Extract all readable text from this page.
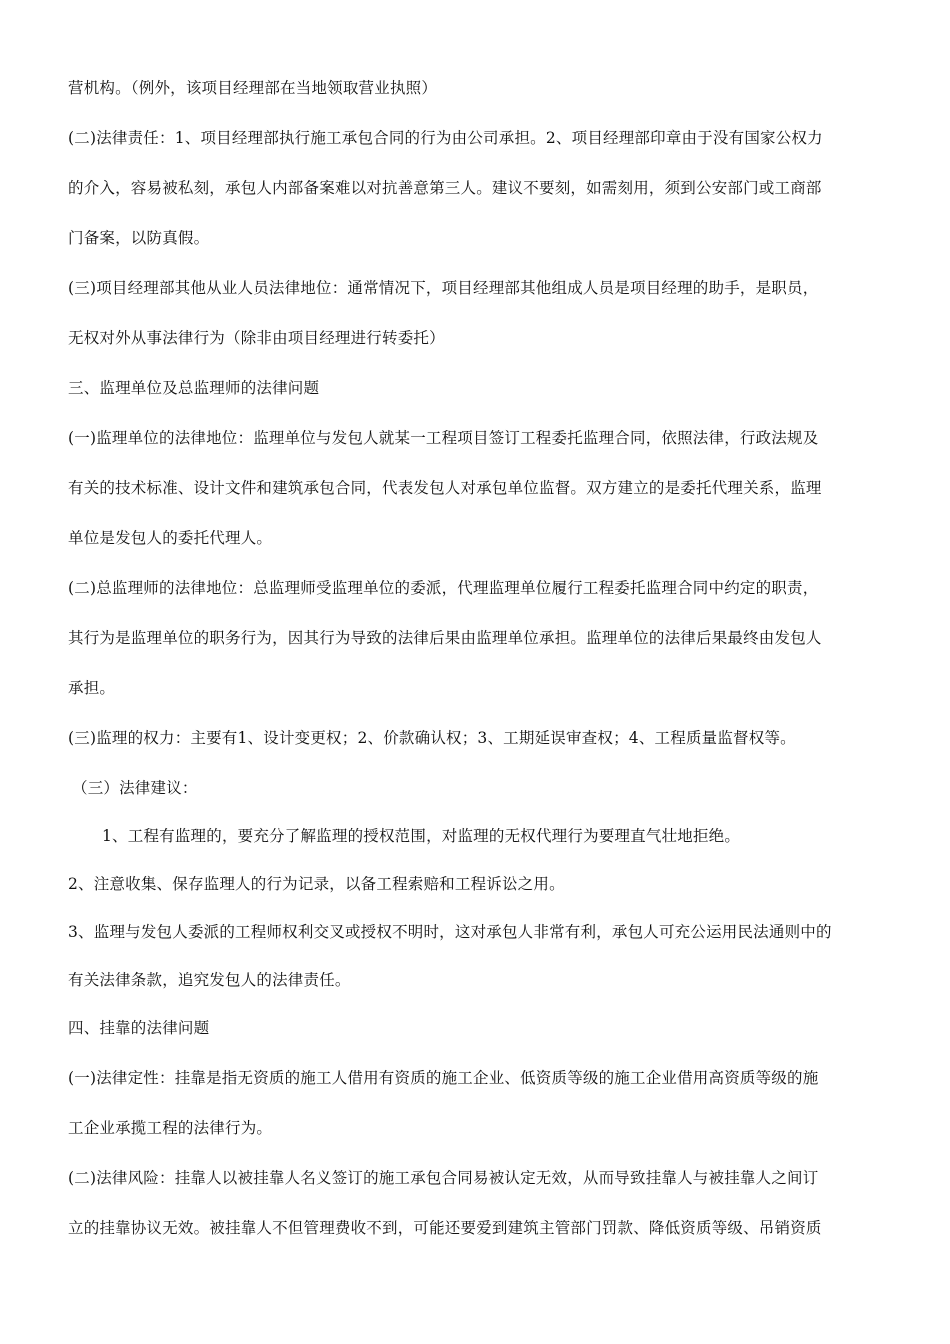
营机构。（例外，该项目经理部在当地领取营业执照）
(二)法律责任：1、项目经理部执行施工承包合同的行为由公司承担。2、项目经理部印章由于没有国家公权力
的介入，容易被私刻，承包人内部备案难以对抗善意第三人。建议不要刻，如需刻用，须到公安部门或工商部
门备案，以防真假。
(三)项目经理部其他从业人员法律地位：通常情况下，项目经理部其他组成人员是项目经理的助手，是职员，
无权对外从事法律行为（除非由项目经理进行转委托）
三、监理单位及总监理师的法律问题
(一)监理单位的法律地位：监理单位与发包人就某一工程项目签订工程委托监理合同，依照法律，行政法规及
有关的技术标准、设计文件和建筑承包合同，代表发包人对承包单位监督。双方建立的是委托代理关系，监理
单位是发包人的委托代理人。
(二)总监理师的法律地位：总监理师受监理单位的委派，代理监理单位履行工程委托监理合同中约定的职责，
其行为是监理单位的职务行为，因其行为导致的法律后果由监理单位承担。监理单位的法律后果最终由发包人
承担。
(三)监理的权力：主要有1、设计变更权；2、价款确认权；3、工期延误审查权；4、工程质量监督权等。
（三）法律建议：
1、工程有监理的，要充分了解监理的授权范围，对监理的无权代理行为要理直气壮地拒绝。
2、注意收集、保存监理人的行为记录，以备工程索赔和工程诉讼之用。
3、监理与发包人委派的工程师权利交叉或授权不明时，这对承包人非常有利，承包人可充公运用民法通则中的
有关法律条款，追究发包人的法律责任。
四、挂靠的法律问题
(一)法律定性：挂靠是指无资质的施工人借用有资质的施工企业、低资质等级的施工企业借用高资质等级的施
工企业承揽工程的法律行为。
(二)法律风险：挂靠人以被挂靠人名义签订的施工承包合同易被认定无效，从而导致挂靠人与被挂靠人之间订
立的挂靠协议无效。被挂靠人不但管理费收不到，可能还要爱到建筑主管部门罚款、降低资质等级、吊销资质
